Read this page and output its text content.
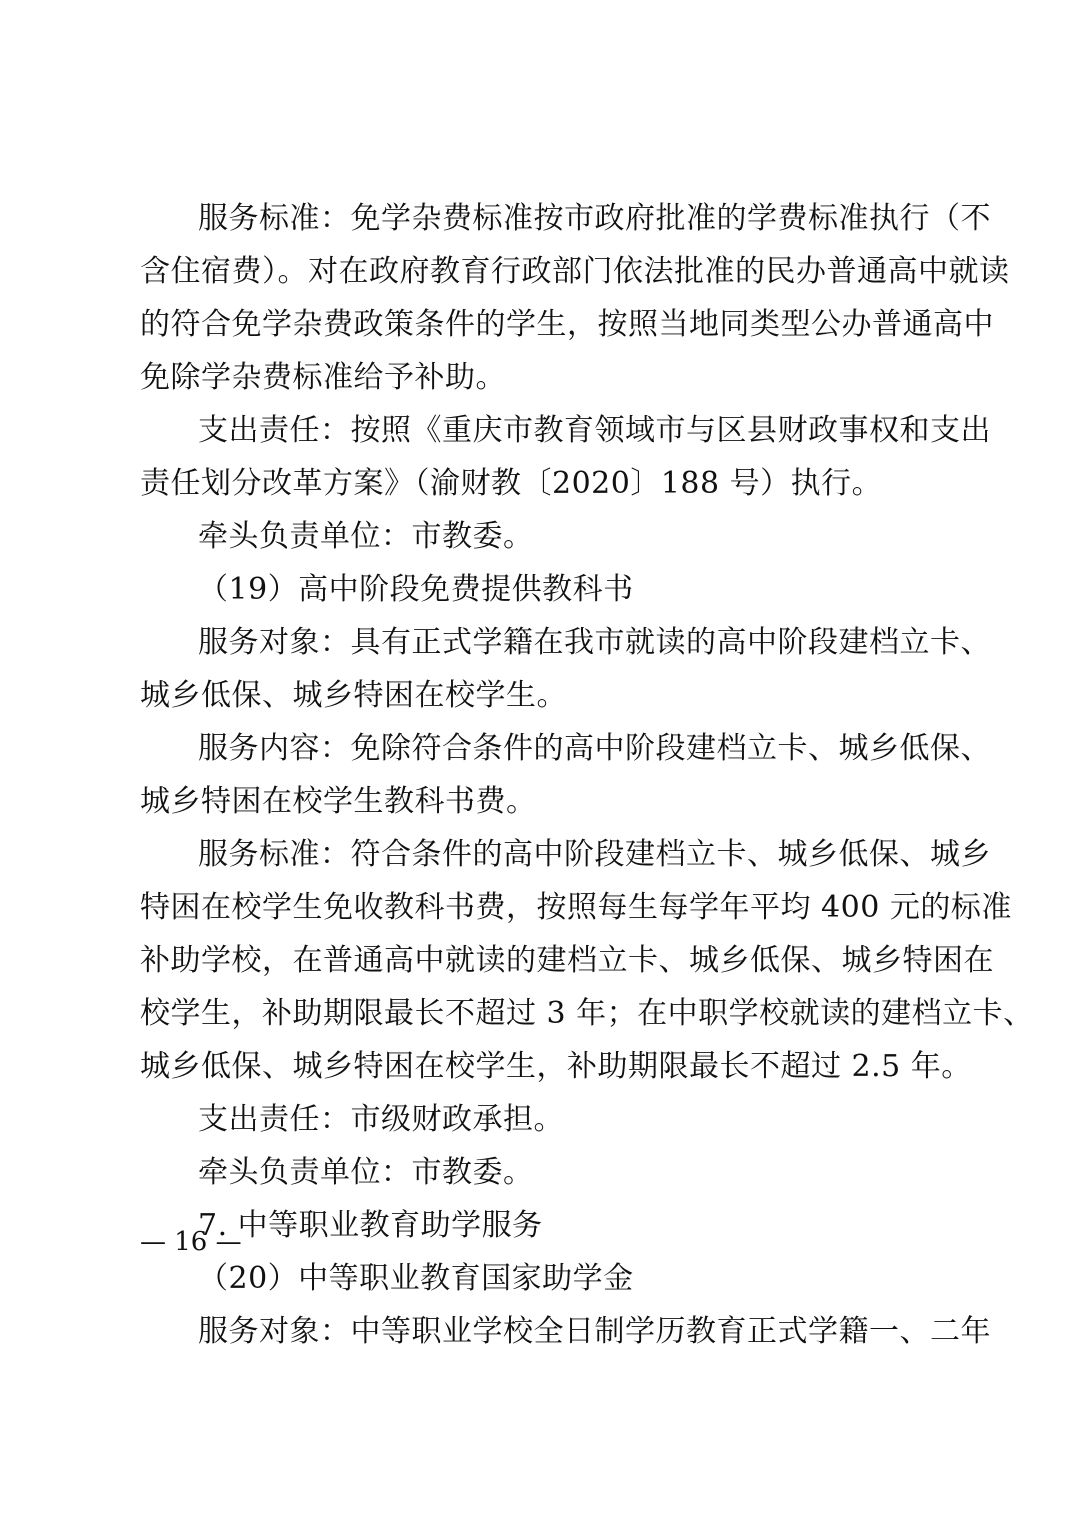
服务标准：免学杂费标准按市政府批准的学费标准执行（不
含住宿费）。对在政府教育行政部门依法批准的民办普通高中就读
的符合免学杂费政策条件的学生，按照当地同类型公办普通高中
免除学杂费标准给予补助。
支出责任：按照《重庆市教育领域市与区县财政事权和支出
责任划分改革方案》（渝财教〔2020〕188 号）执行。
牵头负责单位：市教委。
（19）高中阶段免费提供教科书
服务对象：具有正式学籍在我市就读的高中阶段建档立卡、
城乡低保、城乡特困在校学生。
服务内容：免除符合条件的高中阶段建档立卡、城乡低保、
城乡特困在校学生教科书费。
服务标准：符合条件的高中阶段建档立卡、城乡低保、城乡
特困在校学生免收教科书费，按照每生每学年平均 400 元的标准
补助学校，在普通高中就读的建档立卡、城乡低保、城乡特困在
校学生，补助期限最长不超过 3 年；在中职学校就读的建档立卡、
城乡低保、城乡特困在校学生，补助期限最长不超过 2.5 年。
支出责任：市级财政承担。
牵头负责单位：市教委。
7. 中等职业教育助学服务
（20）中等职业教育国家助学金
服务对象：中等职业学校全日制学历教育正式学籍一、二年
— 16 —
